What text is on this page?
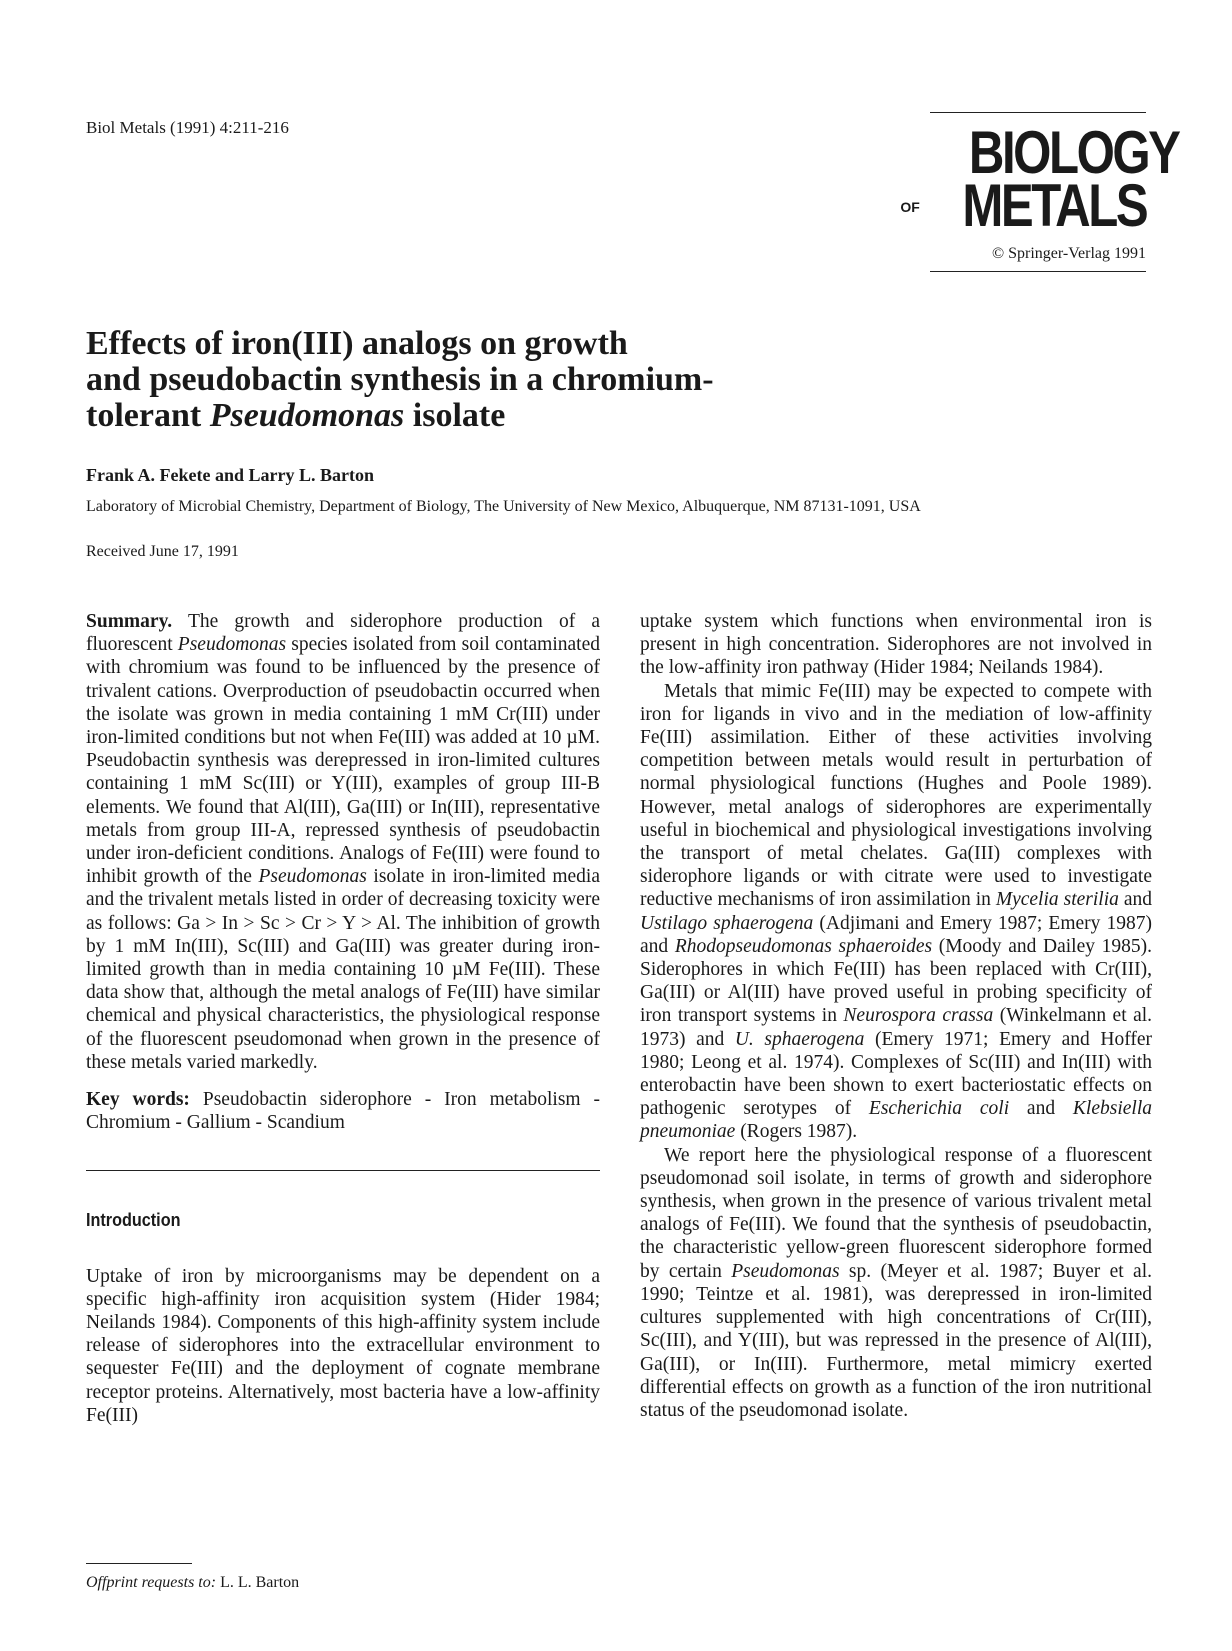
Biol Metals (1991) 4:211-216	BIOLOGY
OF METALS
© Springer-Verlag 1991
Effects of iron(III) analogs on growth
and pseudobactin synthesis in a chromium-
tolerant Pseudomonas isolate
Frank A. Fekete and Larry L. Barton
Laboratory of Microbial Chemistry, Department of Biology, The University of New Mexico, Albuquerque, NM 87131-1091, USA
Received June 17, 1991

Summary. The growth and siderophore production of a fluorescent Pseudomonas species isolated from soil contaminated with chromium was found to be influenced by the presence of trivalent cations. Overproduction of pseudobactin occurred when the isolate was grown in media containing 1 mM Cr(III) under iron-limited conditions but not when Fe(III) was added at 10 µM. Pseudobactin synthesis was derepressed in iron-limited cultures containing 1 mM Sc(III) or Y(III), examples of group III-B elements. We found that Al(III), Ga(III) or In(III), representative metals from group III-A, repressed synthesis of pseudobactin under iron-deficient conditions. Analogs of Fe(III) were found to inhibit growth of the Pseudomonas isolate in iron-limited media and the trivalent metals listed in order of decreasing toxicity were as follows: Ga > In > Sc > Cr > Y > Al. The inhibition of growth by 1 mM In(III), Sc(III) and Ga(III) was greater during iron-limited growth than in media containing 10 µM Fe(III). These data show that, although the metal analogs of Fe(III) have similar chemical and physical characteristics, the physiological response of the fluorescent pseudomonad when grown in the presence of these metals varied markedly.

Key words: Pseudobactin siderophore - Iron metabolism - Chromium - Gallium - Scandium

Introduction

Uptake of iron by microorganisms may be dependent on a specific high-affinity iron acquisition system (Hider 1984; Neilands 1984). Components of this high-affinity system include release of siderophores into the extracellular environment to sequester Fe(III) and the deployment of cognate membrane receptor proteins. Alternatively, most bacteria have a low-affinity Fe(III)

uptake system which functions when environmental iron is present in high concentration. Siderophores are not involved in the low-affinity iron pathway (Hider 1984; Neilands 1984).

Metals that mimic Fe(III) may be expected to compete with iron for ligands in vivo and in the mediation of low-affinity Fe(III) assimilation. Either of these activities involving competition between metals would result in perturbation of normal physiological functions (Hughes and Poole 1989). However, metal analogs of siderophores are experimentally useful in biochemical and physiological investigations involving the transport of metal chelates. Ga(III) complexes with siderophore ligands or with citrate were used to investigate reductive mechanisms of iron assimilation in Mycelia sterilia and Ustilago sphaerogena (Adjimani and Emery 1987; Emery 1987) and Rhodopseudomonas sphaeroides (Moody and Dailey 1985). Siderophores in which Fe(III) has been replaced with Cr(III), Ga(III) or Al(III) have proved useful in probing specificity of iron transport systems in Neurospora crassa (Winkelmann et al. 1973) and U. sphaerogena (Emery 1971; Emery and Hoffer 1980; Leong et al. 1974). Complexes of Sc(III) and In(III) with enterobactin have been shown to exert bacteriostatic effects on pathogenic serotypes of Escherichia coli and Klebsiella pneumoniae (Rogers 1987).

We report here the physiological response of a fluorescent pseudomonad soil isolate, in terms of growth and siderophore synthesis, when grown in the presence of various trivalent metal analogs of Fe(III). We found that the synthesis of pseudobactin, the characteristic yellow-green fluorescent siderophore formed by certain Pseudomonas sp. (Meyer et al. 1987; Buyer et al. 1990; Teintze et al. 1981), was derepressed in iron-limited cultures supplemented with high concentrations of Cr(III), Sc(III), and Y(III), but was repressed in the presence of Al(III), Ga(III), or In(III). Furthermore, metal mimicry exerted differential effects on growth as a function of the iron nutritional status of the pseudomonad isolate.

Offprint requests to: L. L. Barton
